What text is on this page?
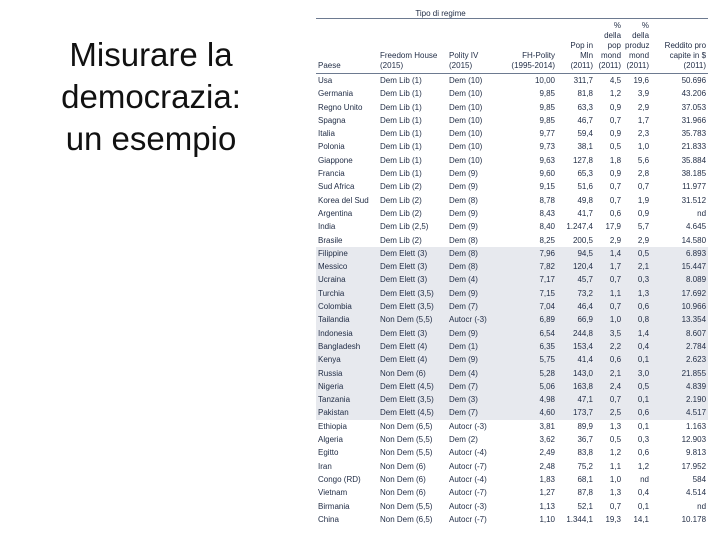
Misurare la
democrazia:
un esempio
	Tipo di regime						
Paese	Freedom House (2015)	Polity IV (2015)	FH-Polity (1995-2014)	Pop in Mln (2011)	% della pop mond (2011)	% della produz mond (2011)	Reddito pro capite in $ (2011)
Usa	Dem Lib (1)	Dem (10)	10,00	311,7	4,5	19,6	50.696
Germania	Dem Lib (1)	Dem (10)	9,85	81,8	1,2	3,9	43.206
Regno Unito	Dem Lib (1)	Dem (10)	9,85	63,3	0,9	2,9	37.053
Spagna	Dem Lib (1)	Dem (10)	9,85	46,7	0,7	1,7	31.966
Italia	Dem Lib (1)	Dem (10)	9,77	59,4	0,9	2,3	35.783
Polonia	Dem Lib (1)	Dem (10)	9,73	38,1	0,5	1,0	21.833
Giappone	Dem Lib (1)	Dem (10)	9,63	127,8	1,8	5,6	35.884
Francia	Dem Lib (1)	Dem (9)	9,60	65,3	0,9	2,8	38.185
Sud Africa	Dem Lib (2)	Dem (9)	9,15	51,6	0,7	0,7	11.977
Korea del Sud	Dem Lib (2)	Dem (8)	8,78	49,8	0,7	1,9	31.512
Argentina	Dem Lib (2)	Dem (9)	8,43	41,7	0,6	0,9	nd
India	Dem Lib (2,5)	Dem (9)	8,40	1.247,4	17,9	5,7	4.645
Brasile	Dem Lib (2)	Dem (8)	8,25	200,5	2,9	2,9	14.580
Filippine	Dem Elett (3)	Dem (8)	7,96	94,5	1,4	0,5	6.893
Messico	Dem Elett (3)	Dem (8)	7,82	120,4	1,7	2,1	15.447
Ucraina	Dem Elett (3)	Dem (4)	7,17	45,7	0,7	0,3	8.089
Turchia	Dem Elett (3,5)	Dem (9)	7,15	73,2	1,1	1,3	17.692
Colombia	Dem Elett (3,5)	Dem (7)	7,04	46,4	0,7	0,6	10.966
Tailandia	Non Dem (5,5)	Autocr (-3)	6,89	66,9	1,0	0,8	13.354
Indonesia	Dem Elett (3)	Dem (9)	6,54	244,8	3,5	1,4	8.607
Bangladesh	Dem Elett (4)	Dem (1)	6,35	153,4	2,2	0,4	2.784
Kenya	Dem Elett (4)	Dem (9)	5,75	41,4	0,6	0,1	2.623
Russia	Non Dem (6)	Dem (4)	5,28	143,0	2,1	3,0	21.855
Nigeria	Dem Elett (4,5)	Dem (7)	5,06	163,8	2,4	0,5	4.839
Tanzania	Dem Elett (3,5)	Dem (3)	4,98	47,1	0,7	0,1	2.190
Pakistan	Dem Elett (4,5)	Dem (7)	4,60	173,7	2,5	0,6	4.517
Ethiopia	Non Dem (6,5)	Autocr (-3)	3,81	89,9	1,3	0,1	1.163
Algeria	Non Dem (5,5)	Dem (2)	3,62	36,7	0,5	0,3	12.903
Egitto	Non Dem (5,5)	Autocr (-4)	2,49	83,8	1,2	0,6	9.813
Iran	Non Dem (6)	Autocr (-7)	2,48	75,2	1,1	1,2	17.952
Congo (RD)	Non Dem (6)	Autocr (-4)	1,83	68,1	1,0	nd	584
Vietnam	Non Dem (6)	Autocr (-7)	1,27	87,8	1,3	0,4	4.514
Birmania	Non Dem (5,5)	Autocr (-3)	1,13	52,1	0,7	0,1	nd
China	Non Dem (6,5)	Autocr (-7)	1,10	1.344,1	19,3	14,1	10.178
